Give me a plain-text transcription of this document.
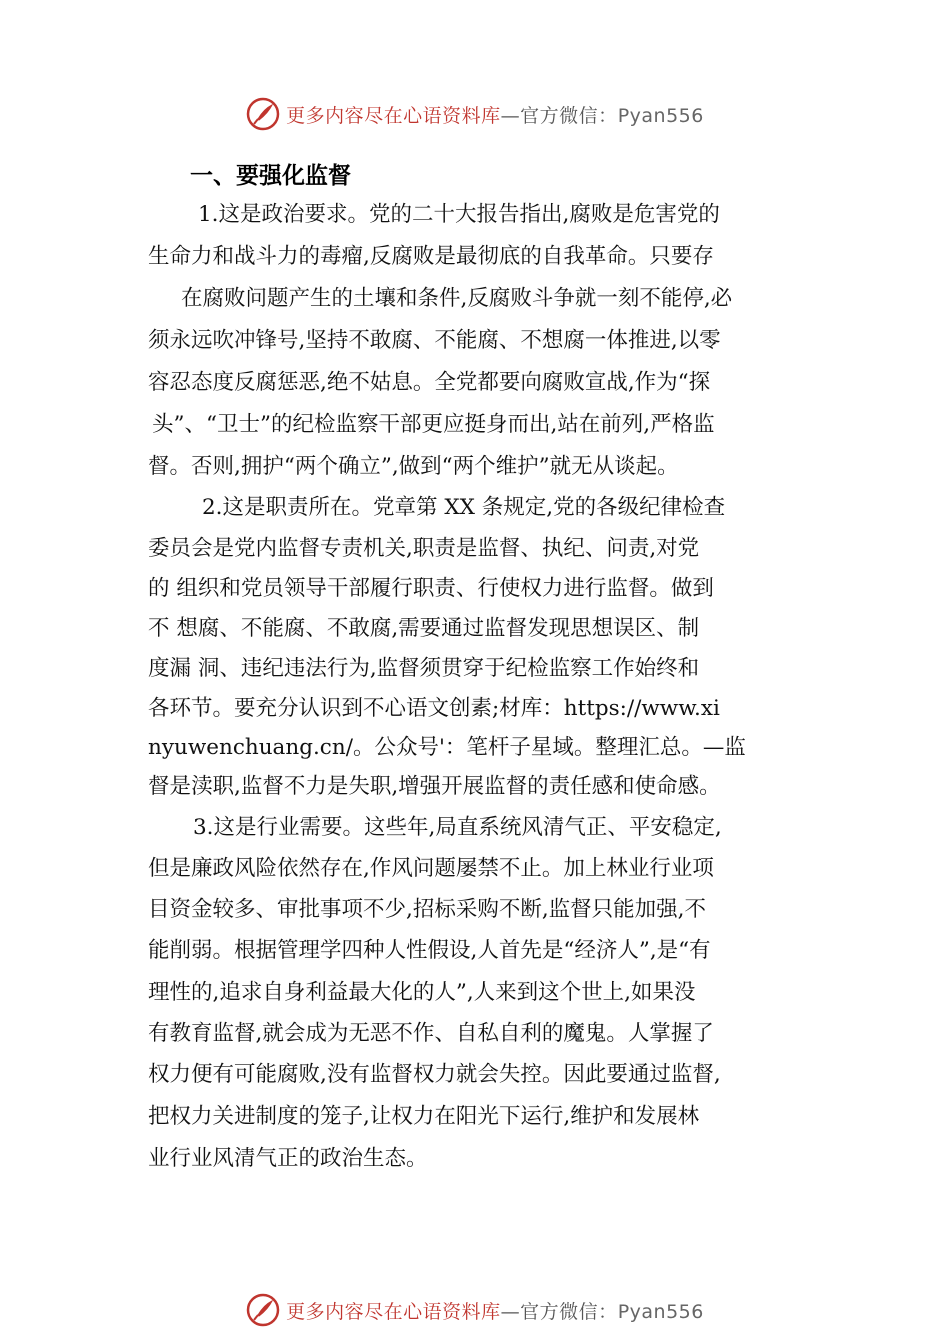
更多内容尽在心语资料库—官方微信：Pyan556
一、要强化监督
1.这是政治要求。党的二十大报告指出,腐败是危害党的
生命力和战斗力的毒瘤,反腐败是最彻底的自我革命。只要存
在腐败问题产生的土壤和条件,反腐败斗争就一刻不能停,必
须永远吹冲锋号,坚持不敢腐、不能腐、不想腐一体推进,以零
容忍态度反腐惩恶,绝不姑息。全党都要向腐败宣战,作为“探
头”、“卫士”的纪检监察干部更应挺身而出,站在前列,严格监
督。否则,拥护“两个确立”,做到“两个维护”就无从谈起。
2.这是职责所在。党章第 XX 条规定,党的各级纪律检查
委员会是党内监督专责机关,职责是监督、执纪、问责,对党
的 组织和党员领导干部履行职责、行使权力进行监督。做到
不 想腐、不能腐、不敢腐,需要通过监督发现思想误区、制
度漏 洞、违纪违法行为,监督须贯穿于纪检监察工作始终和
各环节。要充分认识到不心语文创素;材库：https://www.xi
nyuwenchuang.cn/。公众号'：笔杆子星域。整理汇总。—监
督是渎职,监督不力是失职,增强开展监督的责任感和使命感。
3.这是行业需要。这些年,局直系统风清气正、平安稳定,
但是廉政风险依然存在,作风问题屡禁不止。加上林业行业项
目资金较多、审批事项不少,招标采购不断,监督只能加强,不
能削弱。根据管理学四种人性假设,人首先是“经济人”,是“有
理性的,追求自身利益最大化的人”,人来到这个世上,如果没
有教育监督,就会成为无恶不作、自私自利的魔鬼。人掌握了
权力便有可能腐败,没有监督权力就会失控。因此要通过监督,
把权力关进制度的笼子,让权力在阳光下运行,维护和发展林
业行业风清气正的政治生态。
更多内容尽在心语资料库—官方微信：Pyan556
